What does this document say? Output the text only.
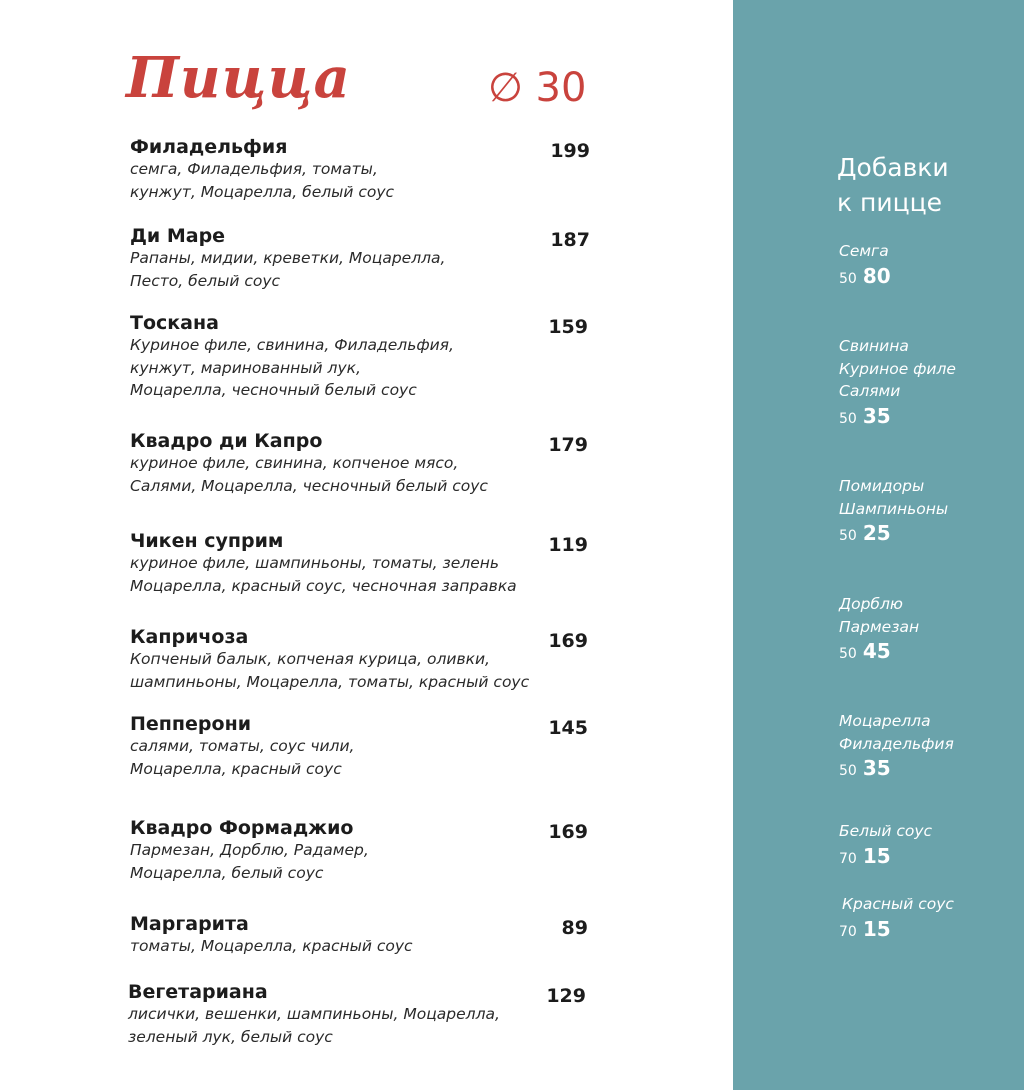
Пицца	∅ 30
Филадельфия	199
семга, Филадельфия, томаты,
кунжут, Моцарелла, белый соус
Ди Маре	187
Рапаны, мидии, креветки, Моцарелла,
Песто, белый соус
Тоскана	159
Куриное филе, свинина, Филадельфия,
кунжут, маринованный лук,
Моцарелла, чесночный белый соус
Квадро ди Капро	179
куриное филе, свинина, копченое мясо,
Салями, Моцарелла, чесночный белый соус
Чикен суприм	119
куриное филе, шампиньоны, томаты, зелень
Моцарелла, красный соус, чесночная заправка
Капричоза	169
Копченый балык, копченая курица, оливки,
шампиньоны, Моцарелла, томаты, красный соус
Пепперони	145
салями, томаты, соус чили,
Моцарелла, красный соус
Квадро Формаджио	169
Пармезан, Дорблю, Радамер,
Моцарелла, белый соус
Маргарита	89
томаты, Моцарелла, красный соус
Вегетариана	129
лисички, вешенки, шампиньоны, Моцарелла,
зеленый лук, белый соус
Добавки
к пицце
Семга
50 80
Свинина
Куриное филе
Салями
50 35
Помидоры
Шампиньоны
50 25
Дорблю
Пармезан
50 45
Моцарелла
Филадельфия
50 35
Белый соус
70 15
Красный соус
70 15
